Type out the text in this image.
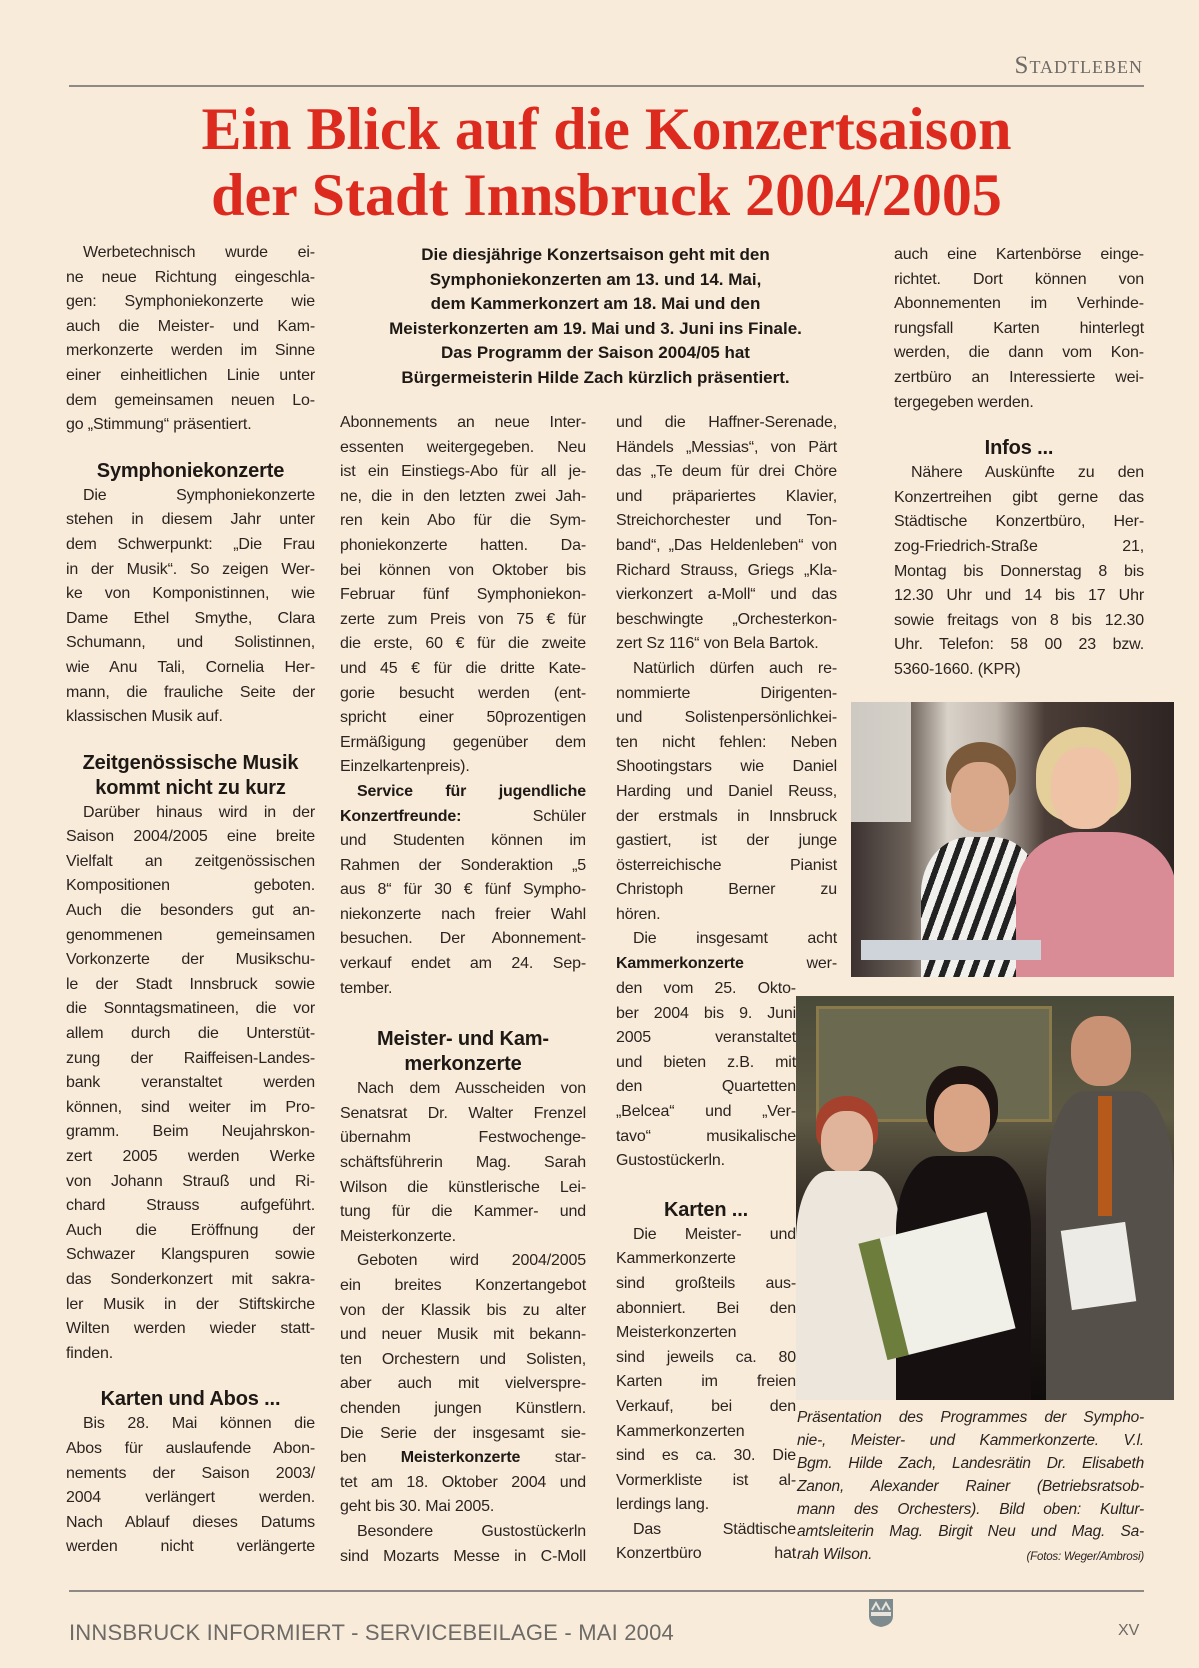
Stadtleben
Ein Blick auf die Konzertsaison
der Stadt Innsbruck 2004/2005
Die diesjährige Konzertsaison geht mit den
Symphoniekonzerten am 13. und 14. Mai,
dem Kammerkonzert am 18. Mai und den
Meisterkonzerten am 19. Mai und 3. Juni ins Finale.
Das Programm der Saison 2004/05 hat
Bürgermeisterin Hilde Zach kürzlich präsentiert.
Werbetechnisch wurde ei-
ne neue Richtung eingeschla-
gen: Symphoniekonzerte wie
auch die Meister- und Kam-
merkonzerte werden im Sinne
einer einheitlichen Linie unter
dem gemeinsamen neuen Lo-
go „Stimmung“ präsentiert.
Symphoniekonzerte
Die Symphoniekonzerte
stehen in diesem Jahr unter
dem Schwerpunkt: „Die Frau
in der Musik“. So zeigen Wer-
ke von Komponistinnen, wie
Dame Ethel Smythe, Clara
Schumann, und Solistinnen,
wie Anu Tali, Cornelia Her-
mann, die frauliche Seite der
klassischen Musik auf.
Zeitgenössische Musik
kommt nicht zu kurz
Darüber hinaus wird in der
Saison 2004/2005 eine breite
Vielfalt an zeitgenössischen
Kompositionen geboten.
Auch die besonders gut an-
genommenen gemeinsamen
Vorkonzerte der Musikschu-
le der Stadt Innsbruck sowie
die Sonntagsmatineen, die vor
allem durch die Unterstüt-
zung der Raiffeisen-Landes-
bank veranstaltet werden
können, sind weiter im Pro-
gramm. Beim Neujahrskon-
zert 2005 werden Werke
von Johann Strauß und Ri-
chard Strauss aufgeführt.
Auch die Eröffnung der
Schwazer Klangspuren sowie
das Sonderkonzert mit sakra-
ler Musik in der Stiftskirche
Wilten werden wieder statt-
finden.
Karten und Abos ...
Bis 28. Mai können die
Abos für auslaufende Abon-
nements der Saison 2003/
2004 verlängert werden.
Nach Ablauf dieses Datums
werden nicht verlängerte
Abonnements an neue Inter-
essenten weitergegeben. Neu
ist ein Einstiegs-Abo für all je-
ne, die in den letzten zwei Jah-
ren kein Abo für die Sym-
phoniekonzerte hatten. Da-
bei können von Oktober bis
Februar fünf Symphoniekon-
zerte zum Preis von 75 € für
die erste, 60 € für die zweite
und 45 € für die dritte Kate-
gorie besucht werden (ent-
spricht einer 50prozentigen
Ermäßigung gegenüber dem
Einzelkartenpreis).
Service für jugendliche
Konzertfreunde: Schüler
und Studenten können im
Rahmen der Sonderaktion „5
aus 8“ für 30 € fünf Sympho-
niekonzerte nach freier Wahl
besuchen. Der Abonnement-
verkauf endet am 24. Sep-
tember.
Meister- und Kam-
merkonzerte
Nach dem Ausscheiden von
Senatsrat Dr. Walter Frenzel
übernahm Festwochenge-
schäftsführerin Mag. Sarah
Wilson die künstlerische Lei-
tung für die Kammer- und
Meisterkonzerte.
Geboten wird 2004/2005
ein breites Konzertangebot
von der Klassik bis zu alter
und neuer Musik mit bekann-
ten Orchestern und Solisten,
aber auch mit vielverspre-
chenden jungen Künstlern.
Die Serie der insgesamt sie-
ben Meisterkonzerte star-
tet am 18. Oktober 2004 und
geht bis 30. Mai 2005.
Besondere Gustostückerln
sind Mozarts Messe in C-Moll
und die Haffner-Serenade,
Händels „Messias“, von Pärt
das „Te deum für drei Chöre
und präpariertes Klavier,
Streichorchester und Ton-
band“, „Das Heldenleben“ von
Richard Strauss, Griegs „Kla-
vierkonzert a-Moll“ und das
beschwingte „Orchesterkon-
zert Sz 116“ von Bela Bartok.
Natürlich dürfen auch re-
nommierte Dirigenten-
und Solistenpersönlichkei-
ten nicht fehlen: Neben
Shootingstars wie Daniel
Harding und Daniel Reuss,
der erstmals in Innsbruck
gastiert, ist der junge
österreichische Pianist
Christoph Berner zu
hören.
Die insgesamt acht
Kammerkonzerte wer-
den vom 25. Okto-
ber 2004 bis 9. Juni
2005 veranstaltet
und bieten z.B. mit
den Quartetten
„Belcea“ und „Ver-
tavo“ musikalische
Gustostückerln.
Karten ...
Die Meister- und
Kammerkonzerte
sind großteils aus-
abonniert. Bei den
Meisterkonzerten
sind jeweils ca. 80
Karten im freien
Verkauf, bei den
Kammerkonzerten
sind es ca. 30. Die
Vormerkliste ist al-
lerdings lang.
Das Städtische
Konzertbüro hat
auch eine Kartenbörse einge-
richtet. Dort können von
Abonnementen im Verhinde-
rungsfall Karten hinterlegt
werden, die dann vom Kon-
zertbüro an Interessierte wei-
tergegeben werden.
Infos ...
Nähere Auskünfte zu den
Konzertreihen gibt gerne das
Städtische Konzertbüro, Her-
zog-Friedrich-Straße 21,
Montag bis Donnerstag 8 bis
12.30 Uhr und 14 bis 17 Uhr
sowie freitags von 8 bis 12.30
Uhr. Telefon: 58 00 23 bzw.
5360-1660. (KPR)
Präsentation des Programmes der Sympho-
nie-, Meister- und Kammerkonzerte. V.l.
Bgm. Hilde Zach, Landesrätin Dr. Elisabeth
Zanon, Alexander Rainer (Betriebsratsob-
mann des Orchesters). Bild oben: Kultur-
amtsleiterin Mag. Birgit Neu und Mag. Sa-
rah Wilson.	(Fotos: Weger/Ambrosi)
INNSBRUCK INFORMIERT - SERVICEBEILAGE - MAI 2004	XV
